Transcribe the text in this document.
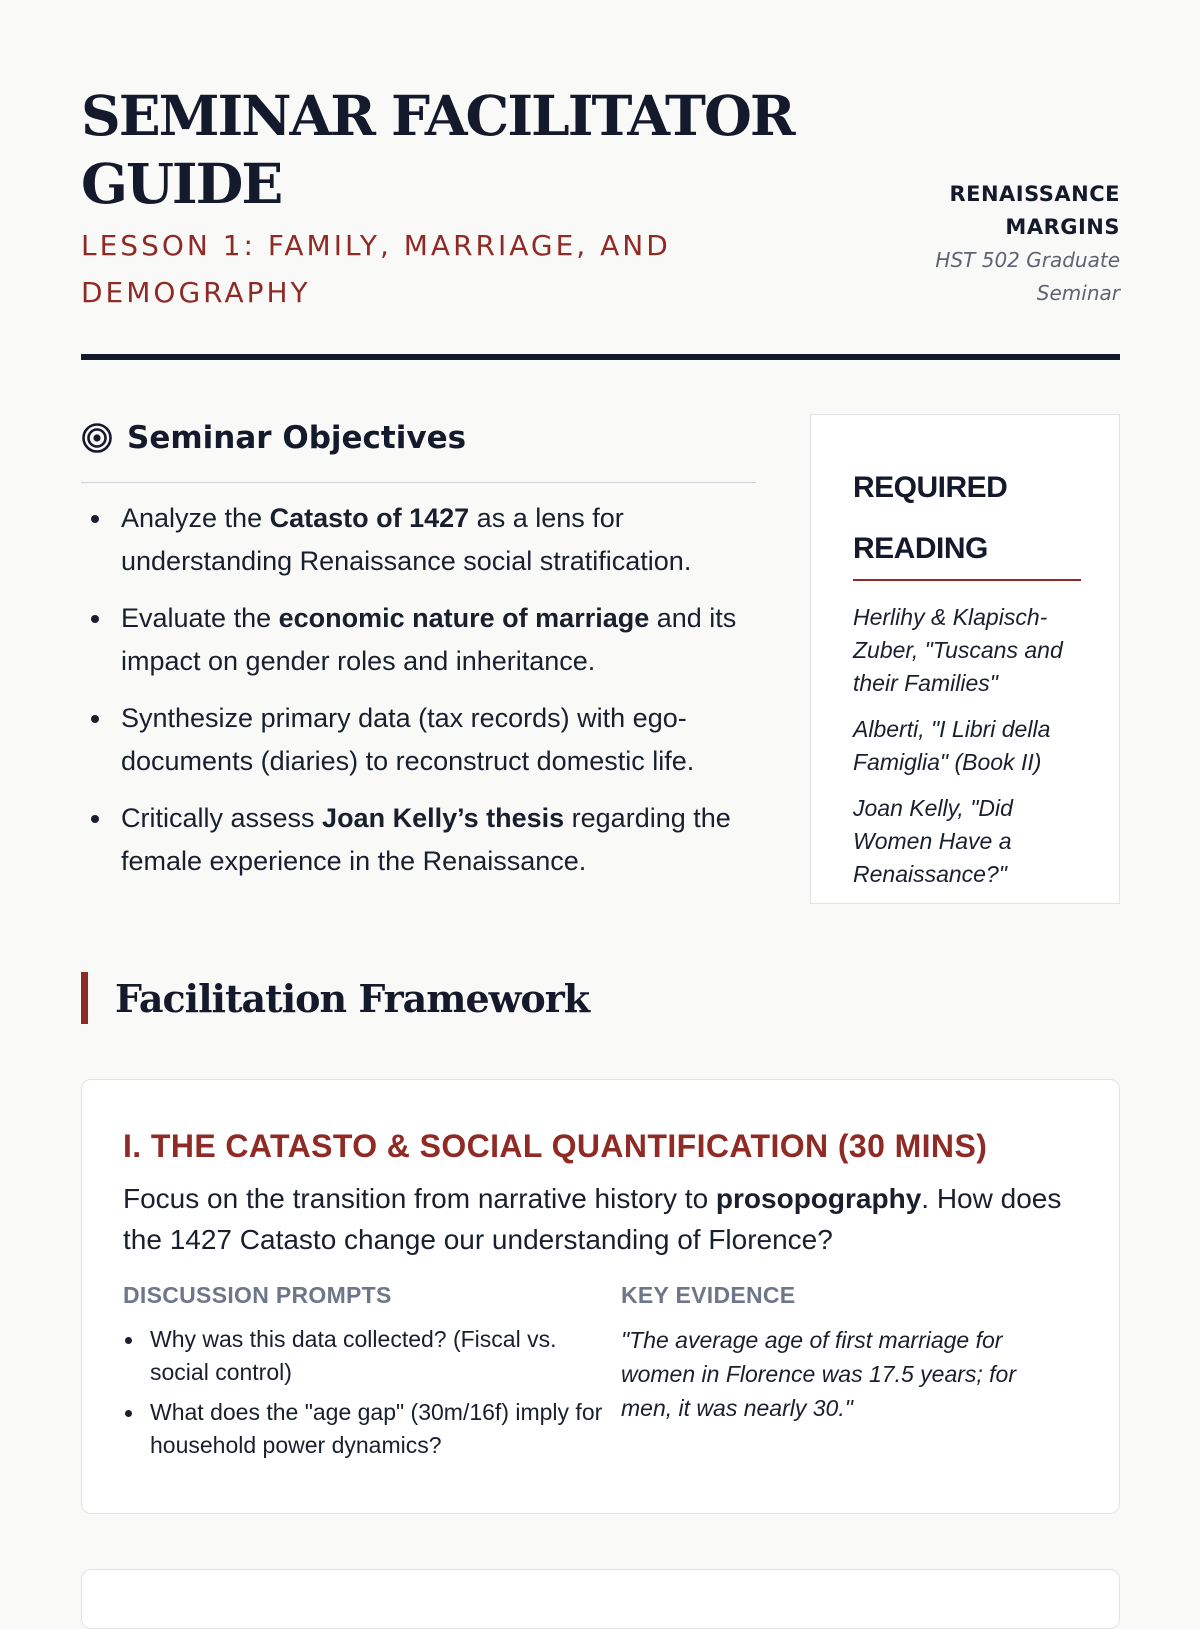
SEMINAR FACILITATOR GUIDE
LESSON 1: FAMILY, MARRIAGE, AND DEMOGRAPHY
RENAISSANCE MARGINS
HST 502 Graduate Seminar
Seminar Objectives
Analyze the Catasto of 1427 as a lens for understanding Renaissance social stratification.
Evaluate the economic nature of marriage and its impact on gender roles and inheritance.
Synthesize primary data (tax records) with ego-documents (diaries) to reconstruct domestic life.
Critically assess Joan Kelly’s thesis regarding the female experience in the Renaissance.
REQUIRED READING
Herlihy & Klapisch-Zuber, "Tuscans and their Families"
Alberti, "I Libri della Famiglia" (Book II)
Joan Kelly, "Did Women Have a Renaissance?"
Facilitation Framework
I. THE CATASTO & SOCIAL QUANTIFICATION (30 MINS)
Focus on the transition from narrative history to prosopography. How does the 1427 Catasto change our understanding of Florence?
DISCUSSION PROMPTS
Why was this data collected? (Fiscal vs. social control)
What does the "age gap" (30m/16f) imply for household power dynamics?
KEY EVIDENCE
"The average age of first marriage for women in Florence was 17.5 years; for men, it was nearly 30."
